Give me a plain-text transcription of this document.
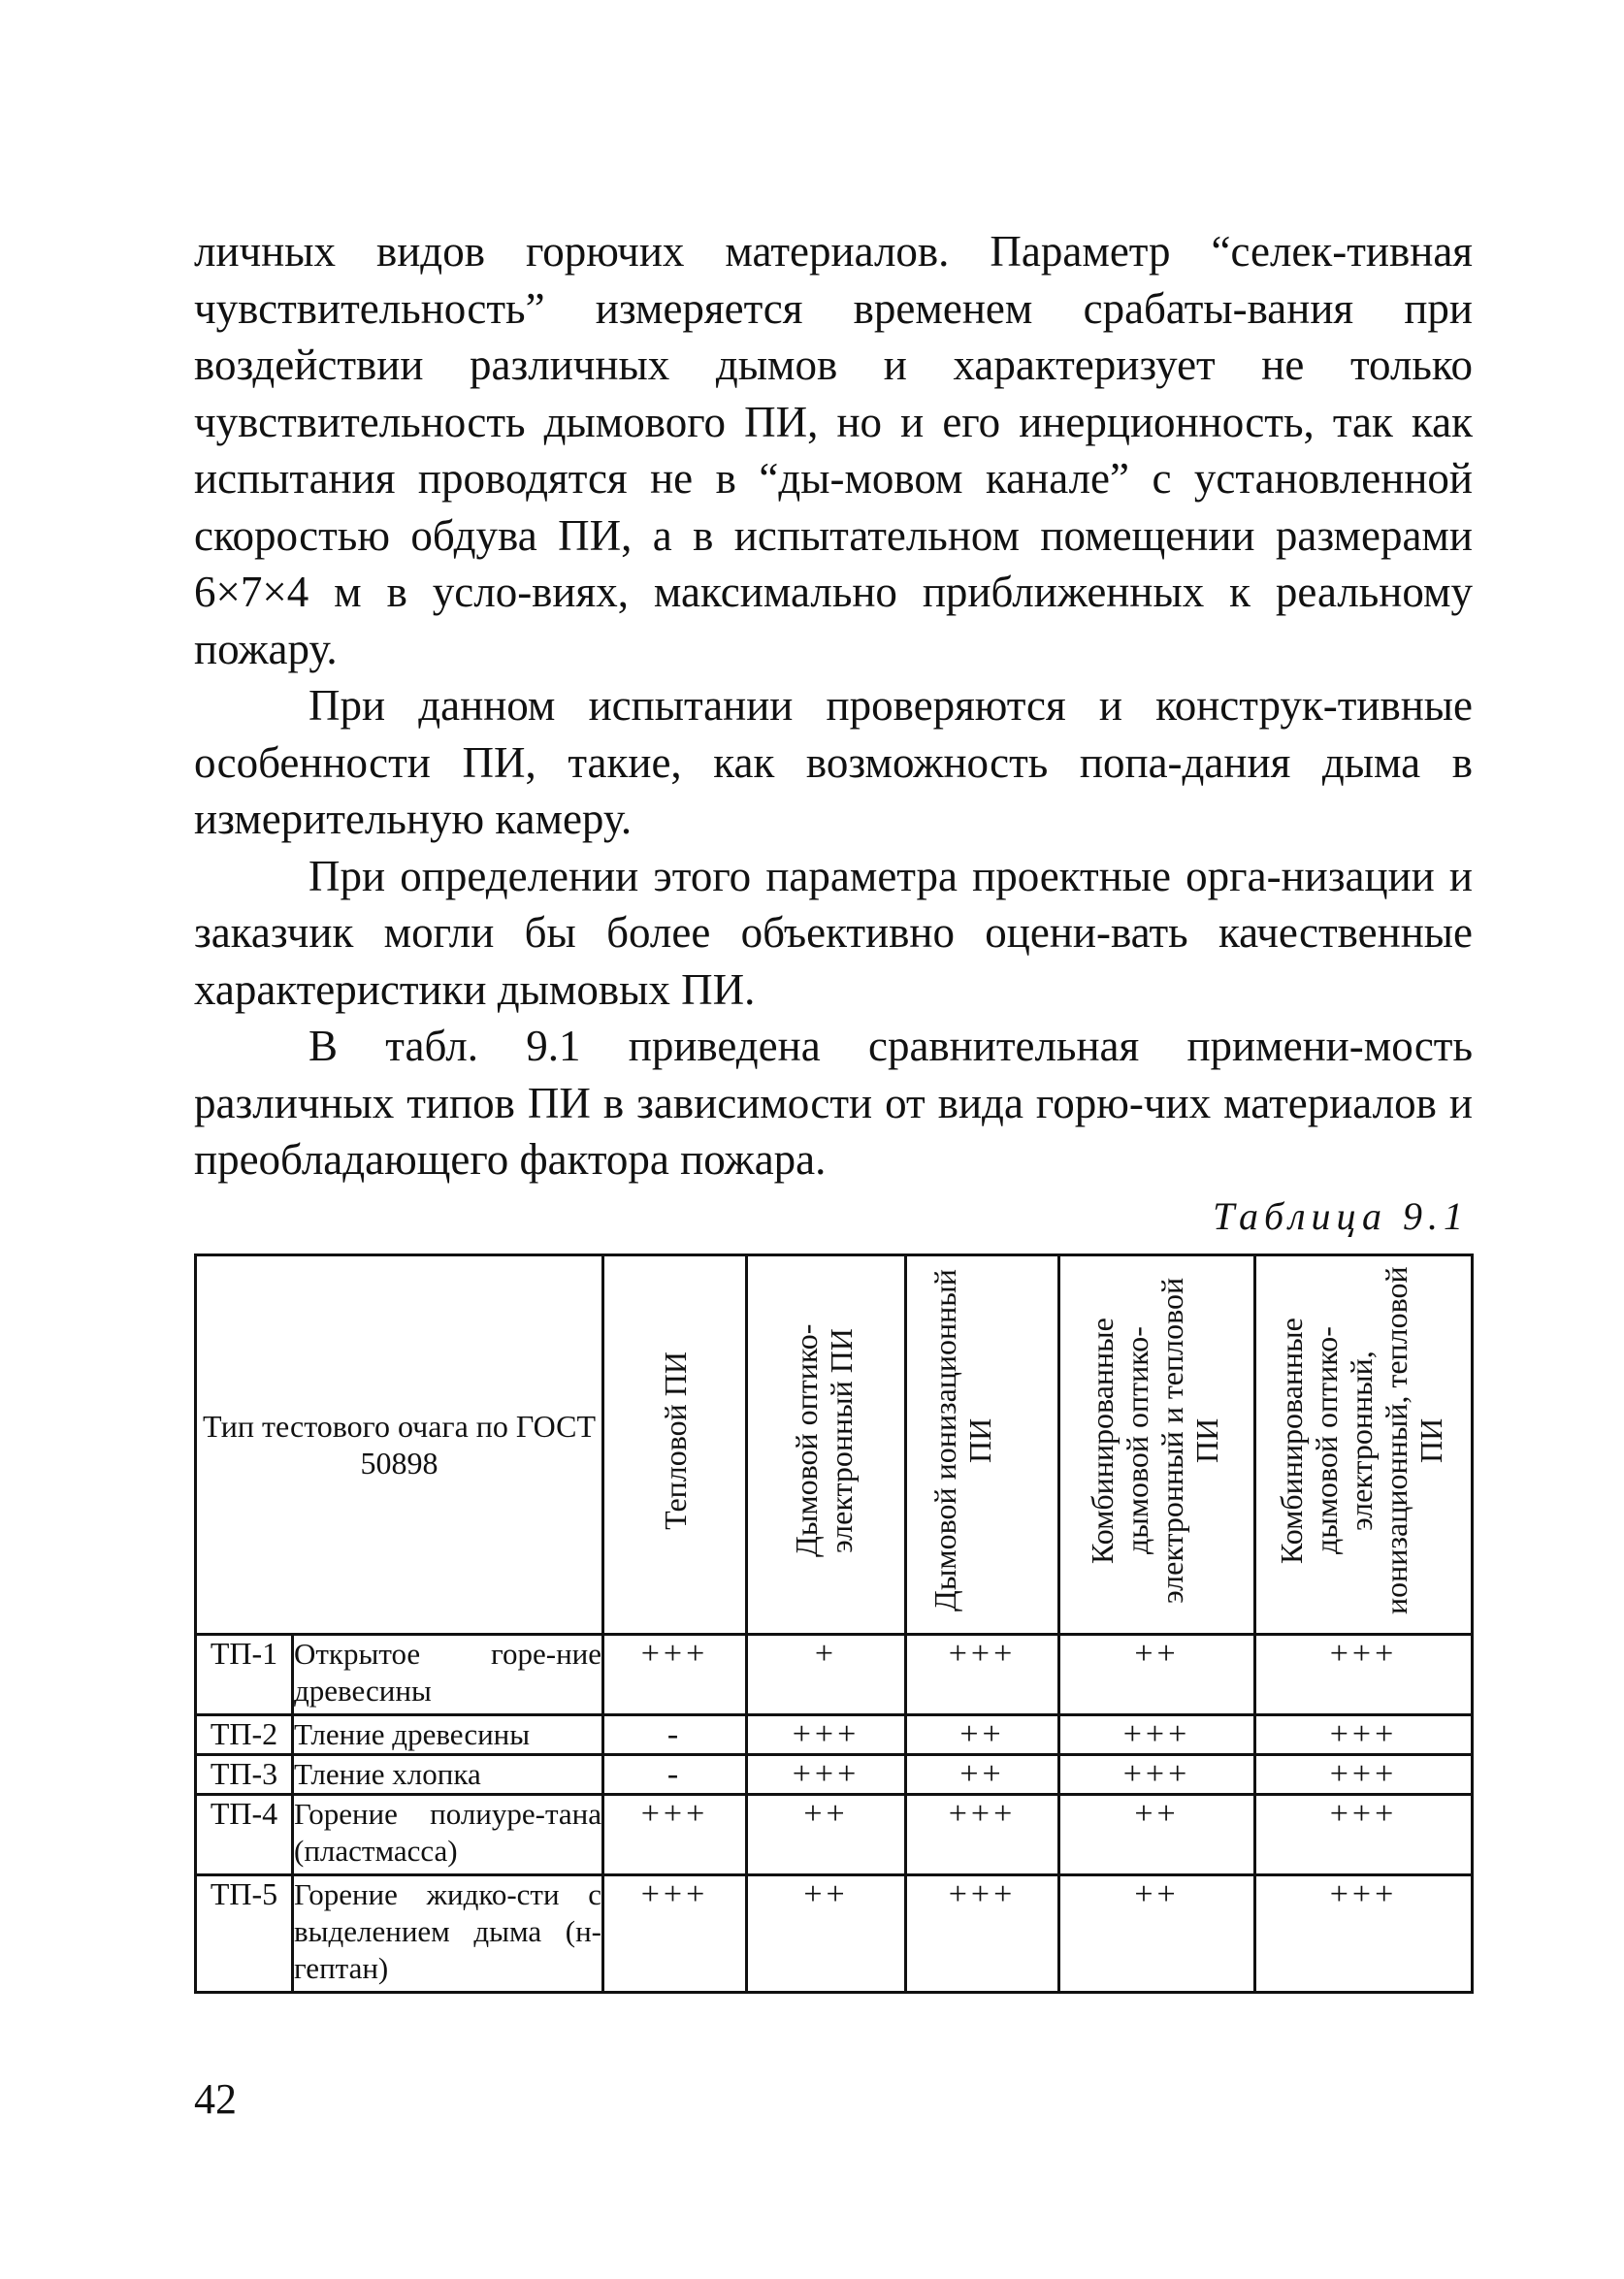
личных видов горючих материалов. Параметр “селек-тивная чувствительность” измеряется временем срабаты-вания при воздействии различных дымов и характеризует не только чувствительность дымового ПИ, но и его инерционность, так как испытания проводятся не в “ды-мовом канале” с установленной скоростью обдува ПИ, а в испытательном помещении размерами 6×7×4 м в усло-виях, максимально приближенных к реальному пожару.

При данном испытании проверяются и конструк-тивные особенности ПИ, такие, как возможность попа-дания дыма в измерительную камеру.

При определении этого параметра проектные орга-низации и заказчик могли бы более объективно оцени-вать качественные характеристики дымовых ПИ.

В табл. 9.1 приведена сравнительная примени-мость различных типов ПИ в зависимости от вида горю-чих материалов и преобладающего фактора пожара.

Таблица 9.1
Тип тестового очага по ГОСТ 50898		Тепловой ПИ	Дымовой оптико-электронный ПИ	Дымовой ионизационный ПИ	Комбинированные дымовой оптико-электронный и тепловой ПИ	Комбинированные дымовой оптико-электронный, ионизационный, тепловой ПИ
ТП-1	Открытое горе-ние древесины	+++	+	+++	++	+++
ТП-2	Тление древесины	-	+++	++	+++	+++
ТП-3	Тление хлопка	-	+++	++	+++	+++
ТП-4	Горение полиуре-тана (пластмасса)	+++	++	+++	++	+++
ТП-5	Горение жидко-сти с выделением дыма (н-гептан)	+++	++	+++	++	+++
42
